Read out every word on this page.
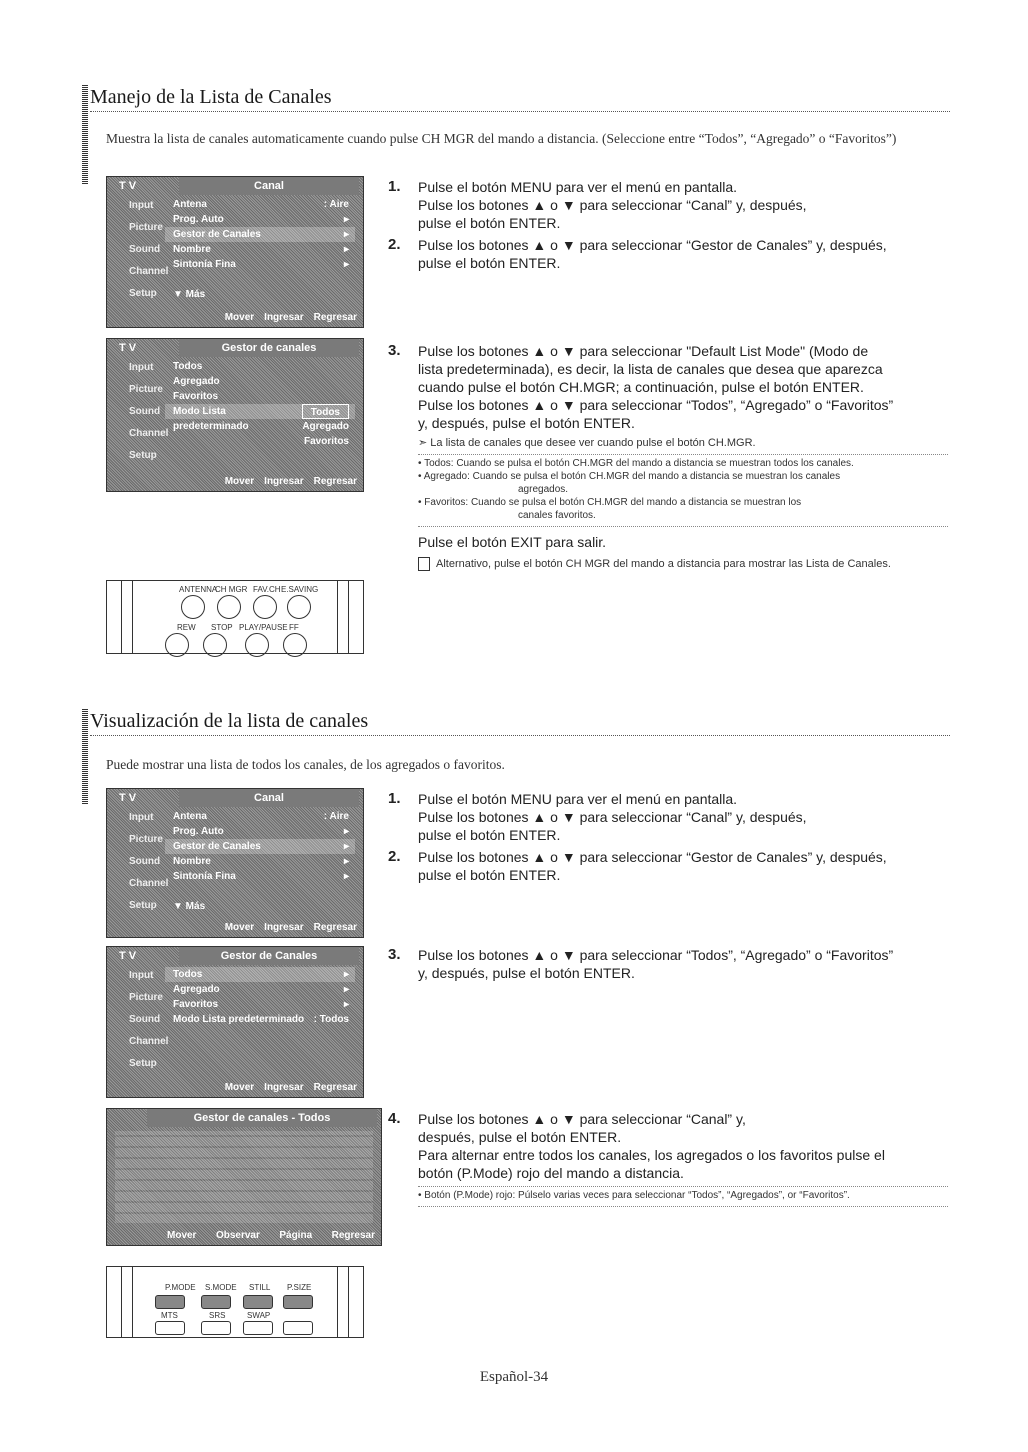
Manejo de la Lista de Canales
Muestra la lista de canales automaticamente cuando pulse CH MGR del mando a distancia. (Seleccione entre “Todos”, “Agregado” o “Favoritos”)
T V	Canal
Input
Picture
Sound
Channel
Setup
Antena	: Aire
Prog. Auto	▸
Gestor de Canales	▸
Nombre	▸
Sintonía Fina	▸
▼ Más
Mover Ingresar Regresar
T V	Gestor de canales
Input
Picture
Sound
Channel
Setup
Todos
Agregado
Favoritos
Modo Lista predeterminado
Todos
Agregado
Favoritos
Mover Ingresar Regresar
ANTENNA
CH MGR FAV.CH E.SAVING
REW STOP PLAY/PAUSE FF
1.	Pulse el botón MENU para ver el menú en pantalla.
Pulse los botones ▲ o ▼ para seleccionar “Canal” y, después,
pulse el botón ENTER.
2.	Pulse los botones ▲ o ▼ para seleccionar “Gestor de Canales” y, después,
pulse el botón ENTER.
3.	Pulse los botones ▲ o ▼ para seleccionar "Default List Mode" (Modo de
lista predeterminada), es decir, la lista de canales que desea que aparezca
cuando pulse el botón CH.MGR; a continuación, pulse el botón ENTER.
Pulse los botones ▲ o ▼ para seleccionar “Todos”, “Agregado” o “Favoritos”
y, después, pulse el botón ENTER.
➣ La lista de canales que desee ver cuando pulse el botón CH.MGR.
• Todos: Cuando se pulsa el botón CH.MGR del mando a distancia se muestran todos los canales.
• Agregado: Cuando se pulsa el botón CH.MGR del mando a distancia se muestran los canales
agregados.
• Favoritos: Cuando se pulsa el botón CH.MGR del mando a distancia se muestran los
canales favoritos.
Pulse el botón EXIT para salir.
Alternativo, pulse el botón CH MGR del mando a distancia para mostrar las Lista de Canales.
Visualización de la lista de canales
Puede mostrar una lista de todos los canales, de los agregados o favoritos.
T V	Canal
Input
Picture
Sound
Channel
Setup
Antena	: Aire
Prog. Auto	▸
Gestor de Canales	▸
Nombre	▸
Sintonía Fina	▸
▼ Más
Mover Ingresar Regresar
T V	Gestor de Canales
Input
Picture
Sound
Channel
Setup
Todos	▸
Agregado	▸
Favoritos	▸
Modo Lista predeterminado : Todos
Mover Ingresar Regresar
Gestor de canales - Todos
Mover Observar Página Regresar
P.MODE S.MODE STILL P.SIZE
MTS	SRS	SWAP
1.	Pulse el botón MENU para ver el menú en pantalla.
Pulse los botones ▲ o ▼ para seleccionar “Canal” y, después,
pulse el botón ENTER.
2.	Pulse los botones ▲ o ▼ para seleccionar “Gestor de Canales” y, después,
pulse el botón ENTER.
3.	Pulse los botones ▲ o ▼ para seleccionar “Todos”, “Agregado” o “Favoritos”
y, después, pulse el botón ENTER.
4.	Pulse los botones ▲ o ▼ para seleccionar “Canal” y,
después, pulse el botón ENTER.
Para alternar entre todos los canales, los agregados o los favoritos pulse el
botón (P.Mode) rojo del mando a distancia.
• Botón (P.Mode) rojo: Púlselo varias veces para seleccionar “Todos”, “Agregados”, or “Favoritos”.
Español-34
